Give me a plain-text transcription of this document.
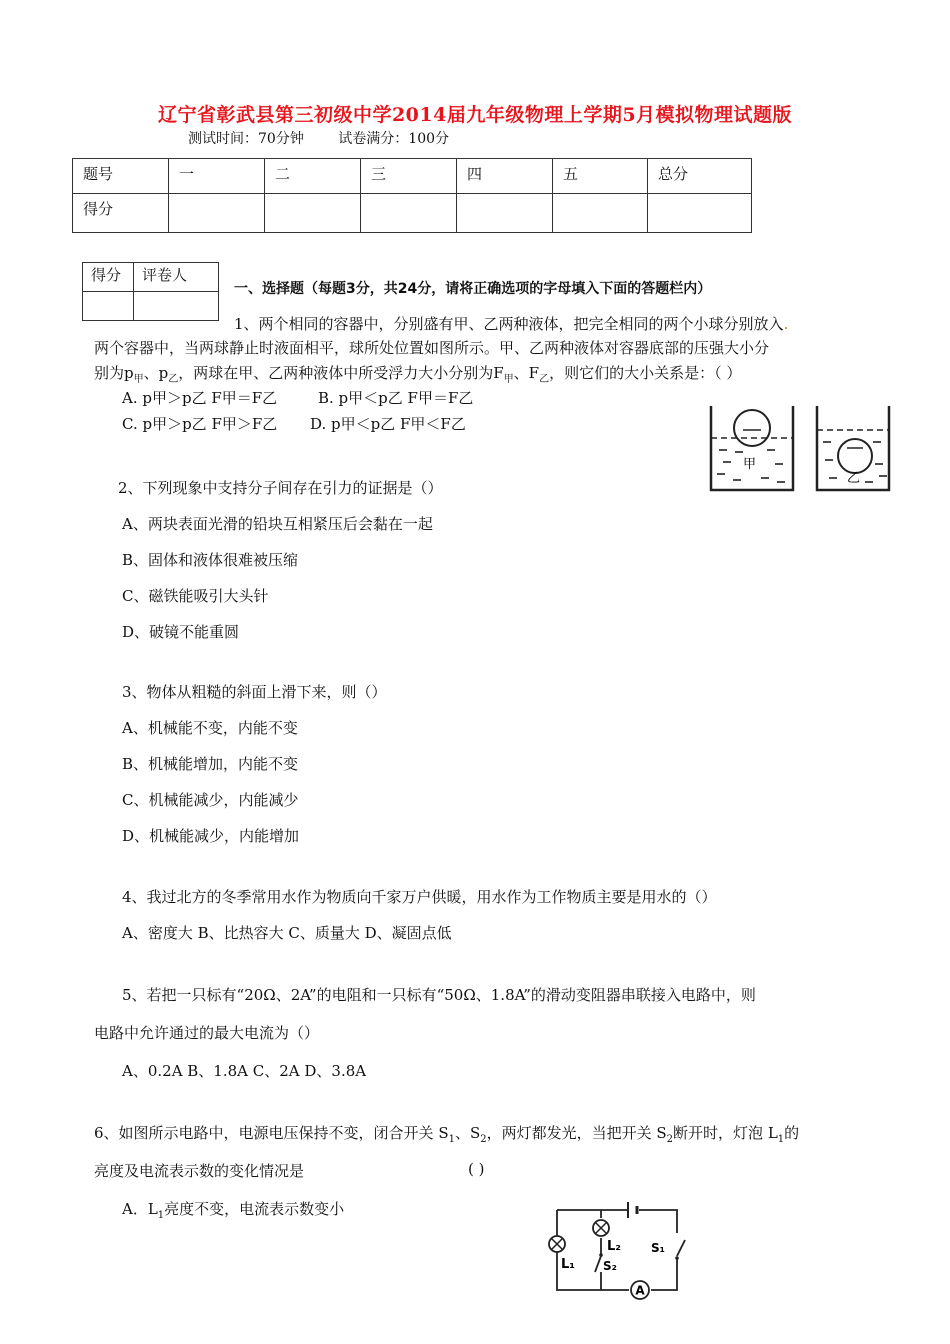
辽宁省彰武县第三初级中学2014届九年级物理上学期5月模拟物理试题版
测试时间：70分钟 试卷满分：100分
题号	一	二	三	四	五	总分
得分						
得分	评卷人

一、选择题（每题3分，共24分，请将正确选项的字母填入下面的答题栏内）
1、两个相同的容器中，分别盛有甲、乙两种液体，把完全相同的两个小球分别放入.
两个容器中，当两球静止时液面相平，球所处位置如图所示。甲、乙两种液体对容器底部的压强大小分
别为$p_甲$、$p_乙$，两球在甲、乙两种液体中所受浮力大小分别为$F_甲$、$F_乙$，则它们的大小关系是：（ ）
A. p甲＞p乙 F甲＝F乙	B. p甲＜p乙 F甲＝F乙
C. p甲＞p乙 F甲＞F乙 D. p甲＜p乙 F甲＜F乙
甲
乙
2、下列现象中支持分子间存在引力的证据是（）
A、两块表面光滑的铅块互相紧压后会黏在一起
B、固体和液体很难被压缩
C、磁铁能吸引大头针
D、破镜不能重圆
3、物体从粗糙的斜面上滑下来，则（）
A、机械能不变，内能不变
B、机械能增加，内能不变
C、机械能减少，内能减少
D、机械能减少，内能增加
4、我过北方的冬季常用水作为物质向千家万户供暖，用水作为工作物质主要是用水的（）
A、密度大 B、比热容大 C、质量大 D、凝固点低
5、若把一只标有“20Ω、2A”的电阻和一只标有“50Ω、1.8A”的滑动变阻器串联接入电路中，则
电路中允许通过的最大电流为（）
A、0.2A B、1.8A C、2A D、3.8A
6、如图所示电路中，电源电压保持不变，闭合开关 $S_1$、$S_2$，两灯都发光，当把开关 $S_2$断开时，灯泡 $L_1$的
亮度及电流表示数的变化情况是	( )
A．$L_1$亮度不变，电流表示数变小
A
L₁
L₂
S₂
S₁
